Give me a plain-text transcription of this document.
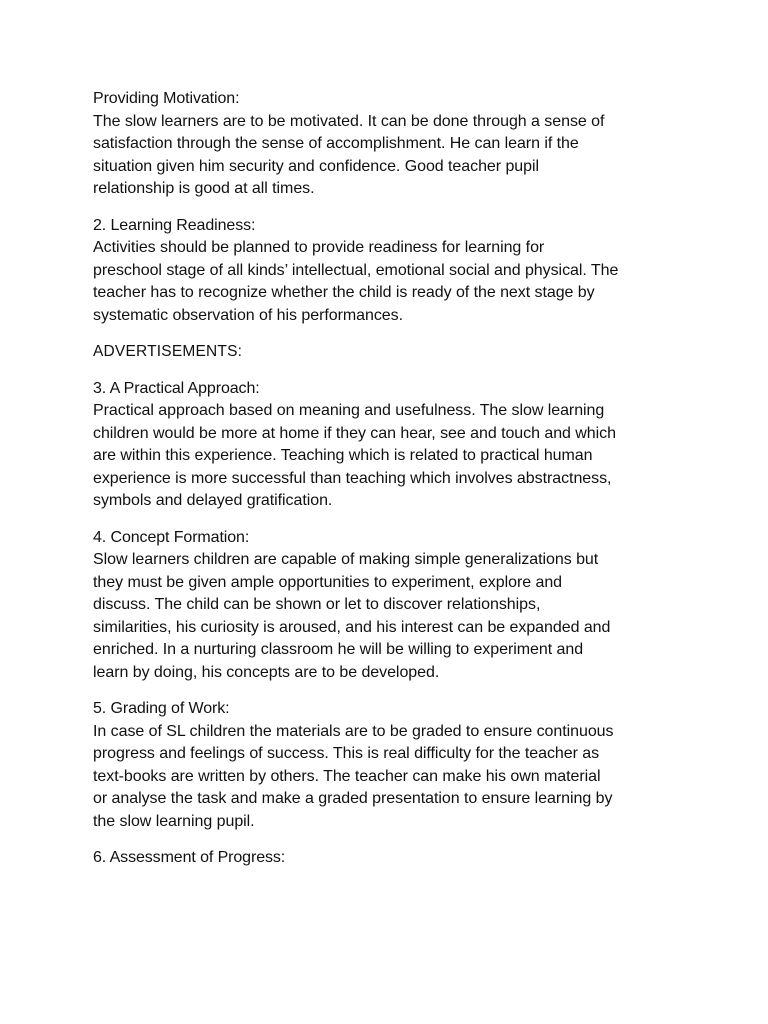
Providing Motivation:
The slow learners are to be motivated. It can be done through a sense of
satisfaction through the sense of accomplishment. He can learn if the
situation given him security and confidence. Good teacher pupil
relationship is good at all times.
2. Learning Readiness:
Activities should be planned to provide readiness for learning for
preschool stage of all kinds’ intellectual, emotional social and physical. The
teacher has to recognize whether the child is ready of the next stage by
systematic observation of his performances.
ADVERTISEMENTS:
3. A Practical Approach:
Practical approach based on meaning and usefulness. The slow learning
children would be more at home if they can hear, see and touch and which
are within this experience. Teaching which is related to practical human
experience is more successful than teaching which involves abstractness,
symbols and delayed gratification.
4. Concept Formation:
Slow learners children are capable of making simple generalizations but
they must be given ample opportunities to experiment, explore and
discuss. The child can be shown or let to discover relationships,
similarities, his curiosity is aroused, and his interest can be expanded and
enriched. In a nurturing classroom he will be willing to experiment and
learn by doing, his concepts are to be developed.
5. Grading of Work:
In case of SL children the materials are to be graded to ensure continuous
progress and feelings of success. This is real difficulty for the teacher as
text-books are written by others. The teacher can make his own material
or analyse the task and make a graded presentation to ensure learning by
the slow learning pupil.
6. Assessment of Progress:
